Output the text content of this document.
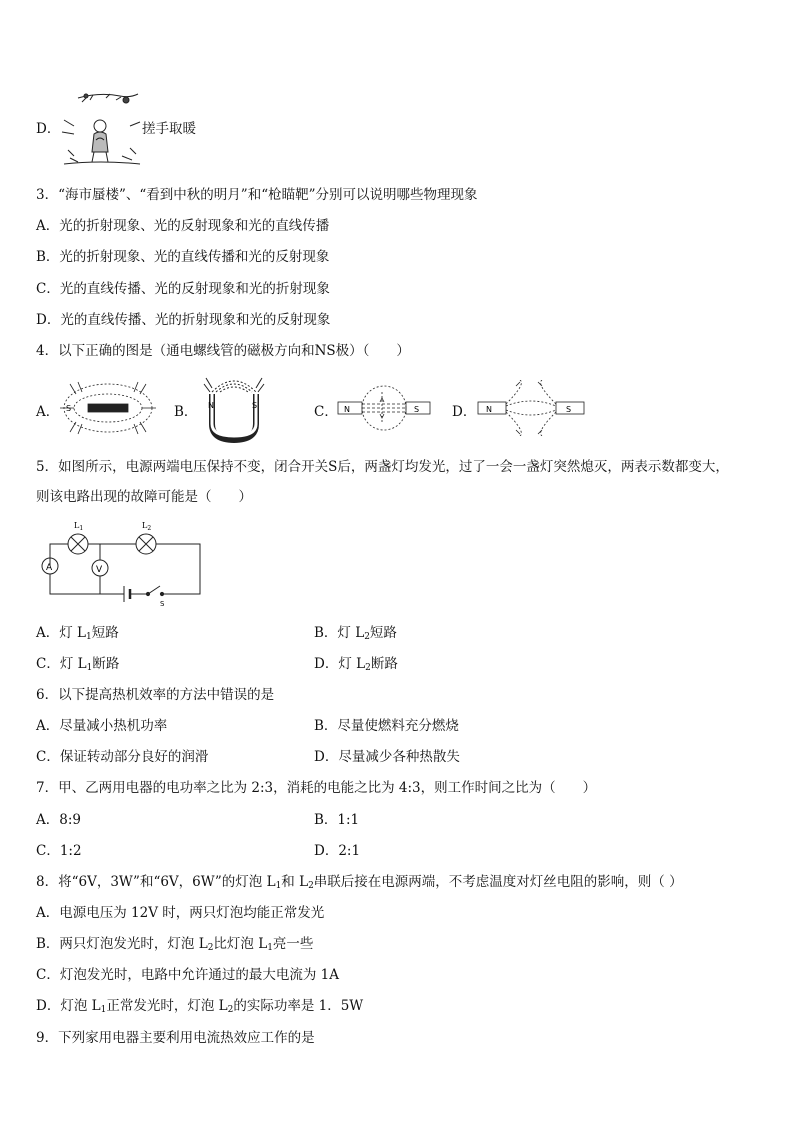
D．	搓手取暖
3．“海市蜃楼”、“看到中秋的明月”和“枪瞄靶”分别可以说明哪些物理现象
A．光的折射现象、光的反射现象和光的直线传播
B．光的折射现象、光的直线传播和光的反射现象
C．光的直线传播、光的反射现象和光的折射现象
D．光的直线传播、光的折射现象和光的反射现象
4．以下正确的图是（通电螺线管的磁极方向和NS极）（　　）
A． S	B． N	S	C． N	S D． N	S
5．如图所示，电源两端电压保持不变，闭合开关S后，两盏灯均发光，过了一会一盏灯突然熄灭，两表示数都变大，
则该电路出现的故障可能是（　　）
A	V
$L_1$	$L_2$
S
A．灯 $L_1$短路	B．灯 $L_2$短路
C．灯 $L_1$断路	D．灯 $L_2$断路
6．以下提高热机效率的方法中错误的是
A．尽量减小热机功率	B．尽量使燃料充分燃烧
C．保证转动部分良好的润滑	D．尽量减少各种热散失
7．甲、乙两用电器的电功率之比为 2:3，消耗的电能之比为 4:3，则工作时间之比为（　　）
A．8:9	B．1:1
C．1:2	D．2:1
8．将“6V，3W”和“6V，6W”的灯泡 $L_1$和 $L_2$串联后接在电源两端，不考虑温度对灯丝电阻的影响，则（ ）
A．电源电压为 12V 时，两只灯泡均能正常发光
B．两只灯泡发光时，灯泡 $L_2$比灯泡 $L_1$亮一些
C．灯泡发光时，电路中允许通过的最大电流为 1A
D．灯泡 $L_1$正常发光时，灯泡 $L_2$的实际功率是 1．5W
9．下列家用电器主要利用电流热效应工作的是
